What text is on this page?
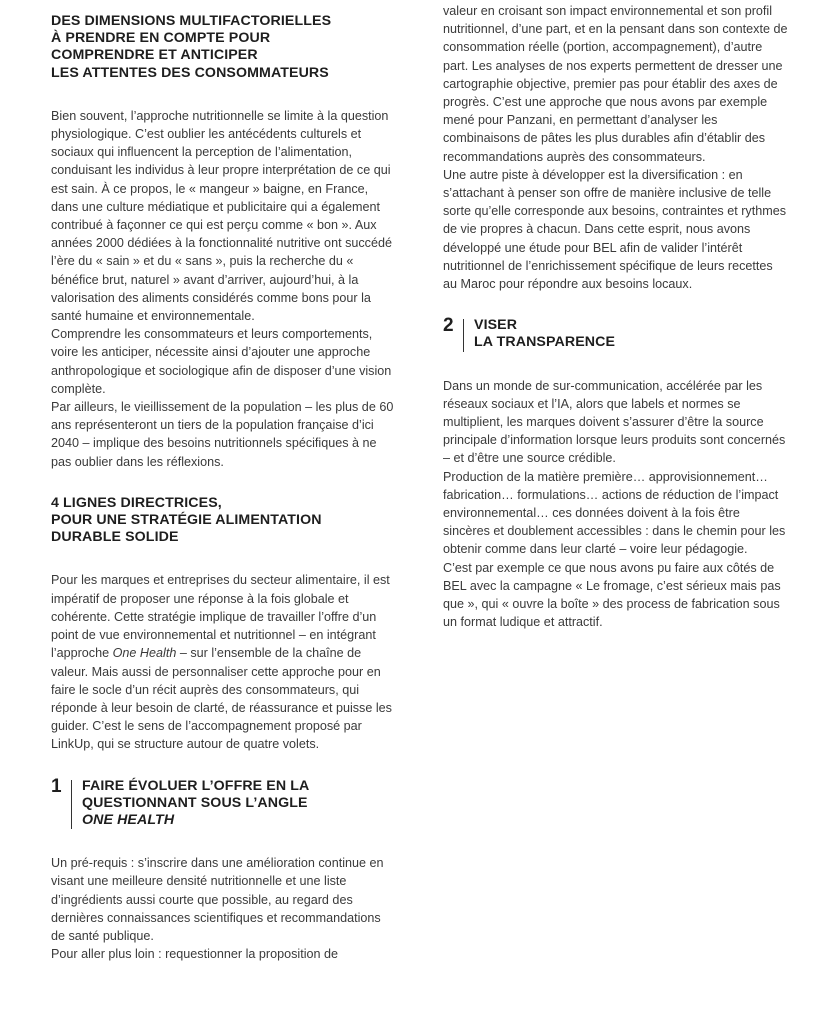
DES DIMENSIONS MULTIFACTORIELLES
À PRENDRE EN COMPTE POUR
COMPRENDRE ET ANTICIPER
LES ATTENTES DES CONSOMMATEURS

Bien souvent, l’approche nutritionnelle se limite à la question physiologique. C’est oublier les antécédents culturels et sociaux qui influencent la perception de l’alimentation, conduisant les individus à leur propre interprétation de ce qui est sain. À ce propos, le « mangeur » baigne, en France, dans une culture médiatique et publicitaire qui a également contribué à façonner ce qui est perçu comme « bon ». Aux années 2000 dédiées à la fonctionnalité nutritive ont succédé l’ère du « sain » et du « sans », puis la recherche du « bénéfice brut, naturel » avant d’arriver, aujourd’hui, à la valorisation des aliments considérés comme bons pour la santé humaine et environnementale.

Comprendre les consommateurs et leurs comportements, voire les anticiper, nécessite ainsi d’ajouter une approche anthropologique et sociologique afin de disposer d’une vision complète.

Par ailleurs, le vieillissement de la population – les plus de 60 ans représenteront un tiers de la population française d’ici 2040 – implique des besoins nutritionnels spécifiques à ne pas oublier dans les réflexions.

4 LIGNES DIRECTRICES,
POUR UNE STRATÉGIE ALIMENTATION
DURABLE SOLIDE

Pour les marques et entreprises du secteur alimentaire, il est impératif de proposer une réponse à la fois globale et cohérente. Cette stratégie implique de travailler l’offre d’un point de vue environnemental et nutritionnel – en intégrant l’approche One Health – sur l’ensemble de la chaîne de valeur. Mais aussi de personnaliser cette approche pour en faire le socle d’un récit auprès des consommateurs, qui réponde à leur besoin de clarté, de réassurance et puisse les guider. C’est le sens de l’accompagnement proposé par LinkUp, qui se structure autour de quatre volets.

1	FAIRE ÉVOLUER L’OFFRE EN LA
QUESTIONNANT SOUS L’ANGLE
ONE HEALTH

Un pré-requis : s’inscrire dans une amélioration continue en visant une meilleure densité nutritionnelle et une liste d’ingrédients aussi courte que possible, au regard des dernières connaissances scientifiques et recommandations de santé publique.

Pour aller plus loin : requestionner la proposition de

valeur en croisant son impact environnemental et son profil nutritionnel, d’une part, et en la pensant dans son contexte de consommation réelle (portion, accompagnement), d’autre part. Les analyses de nos experts permettent de dresser une cartographie objective, premier pas pour établir des axes de progrès. C’est une approche que nous avons par exemple mené pour Panzani, en permettant d’analyser les combinaisons de pâtes les plus durables afin d’établir des recommandations auprès des consommateurs.

Une autre piste à développer est la diversification : en s’attachant à penser son offre de manière inclusive de telle sorte qu’elle corresponde aux besoins, contraintes et rythmes de vie propres à chacun. Dans cette esprit, nous avons développé une étude pour BEL afin de valider l’intérêt nutritionnel de l’enrichissement spécifique de leurs recettes au Maroc pour répondre aux besoins locaux.

2	VISER
LA TRANSPARENCE

Dans un monde de sur-communication, accélérée par les réseaux sociaux et l’IA, alors que labels et normes se multiplient, les marques doivent s’assurer d’être la source principale d’information lorsque leurs produits sont concernés – et d’être une source crédible.

Production de la matière première… approvisionnement… fabrication… formulations… actions de réduction de l’impact environnemental… ces données doivent à la fois être sincères et doublement accessibles : dans le chemin pour les obtenir comme dans leur clarté – voire leur pédagogie.

C’est par exemple ce que nous avons pu faire aux côtés de BEL avec la campagne « Le fromage, c’est sérieux mais pas que », qui « ouvre la boîte » des process de fabrication sous un format ludique et attractif.
